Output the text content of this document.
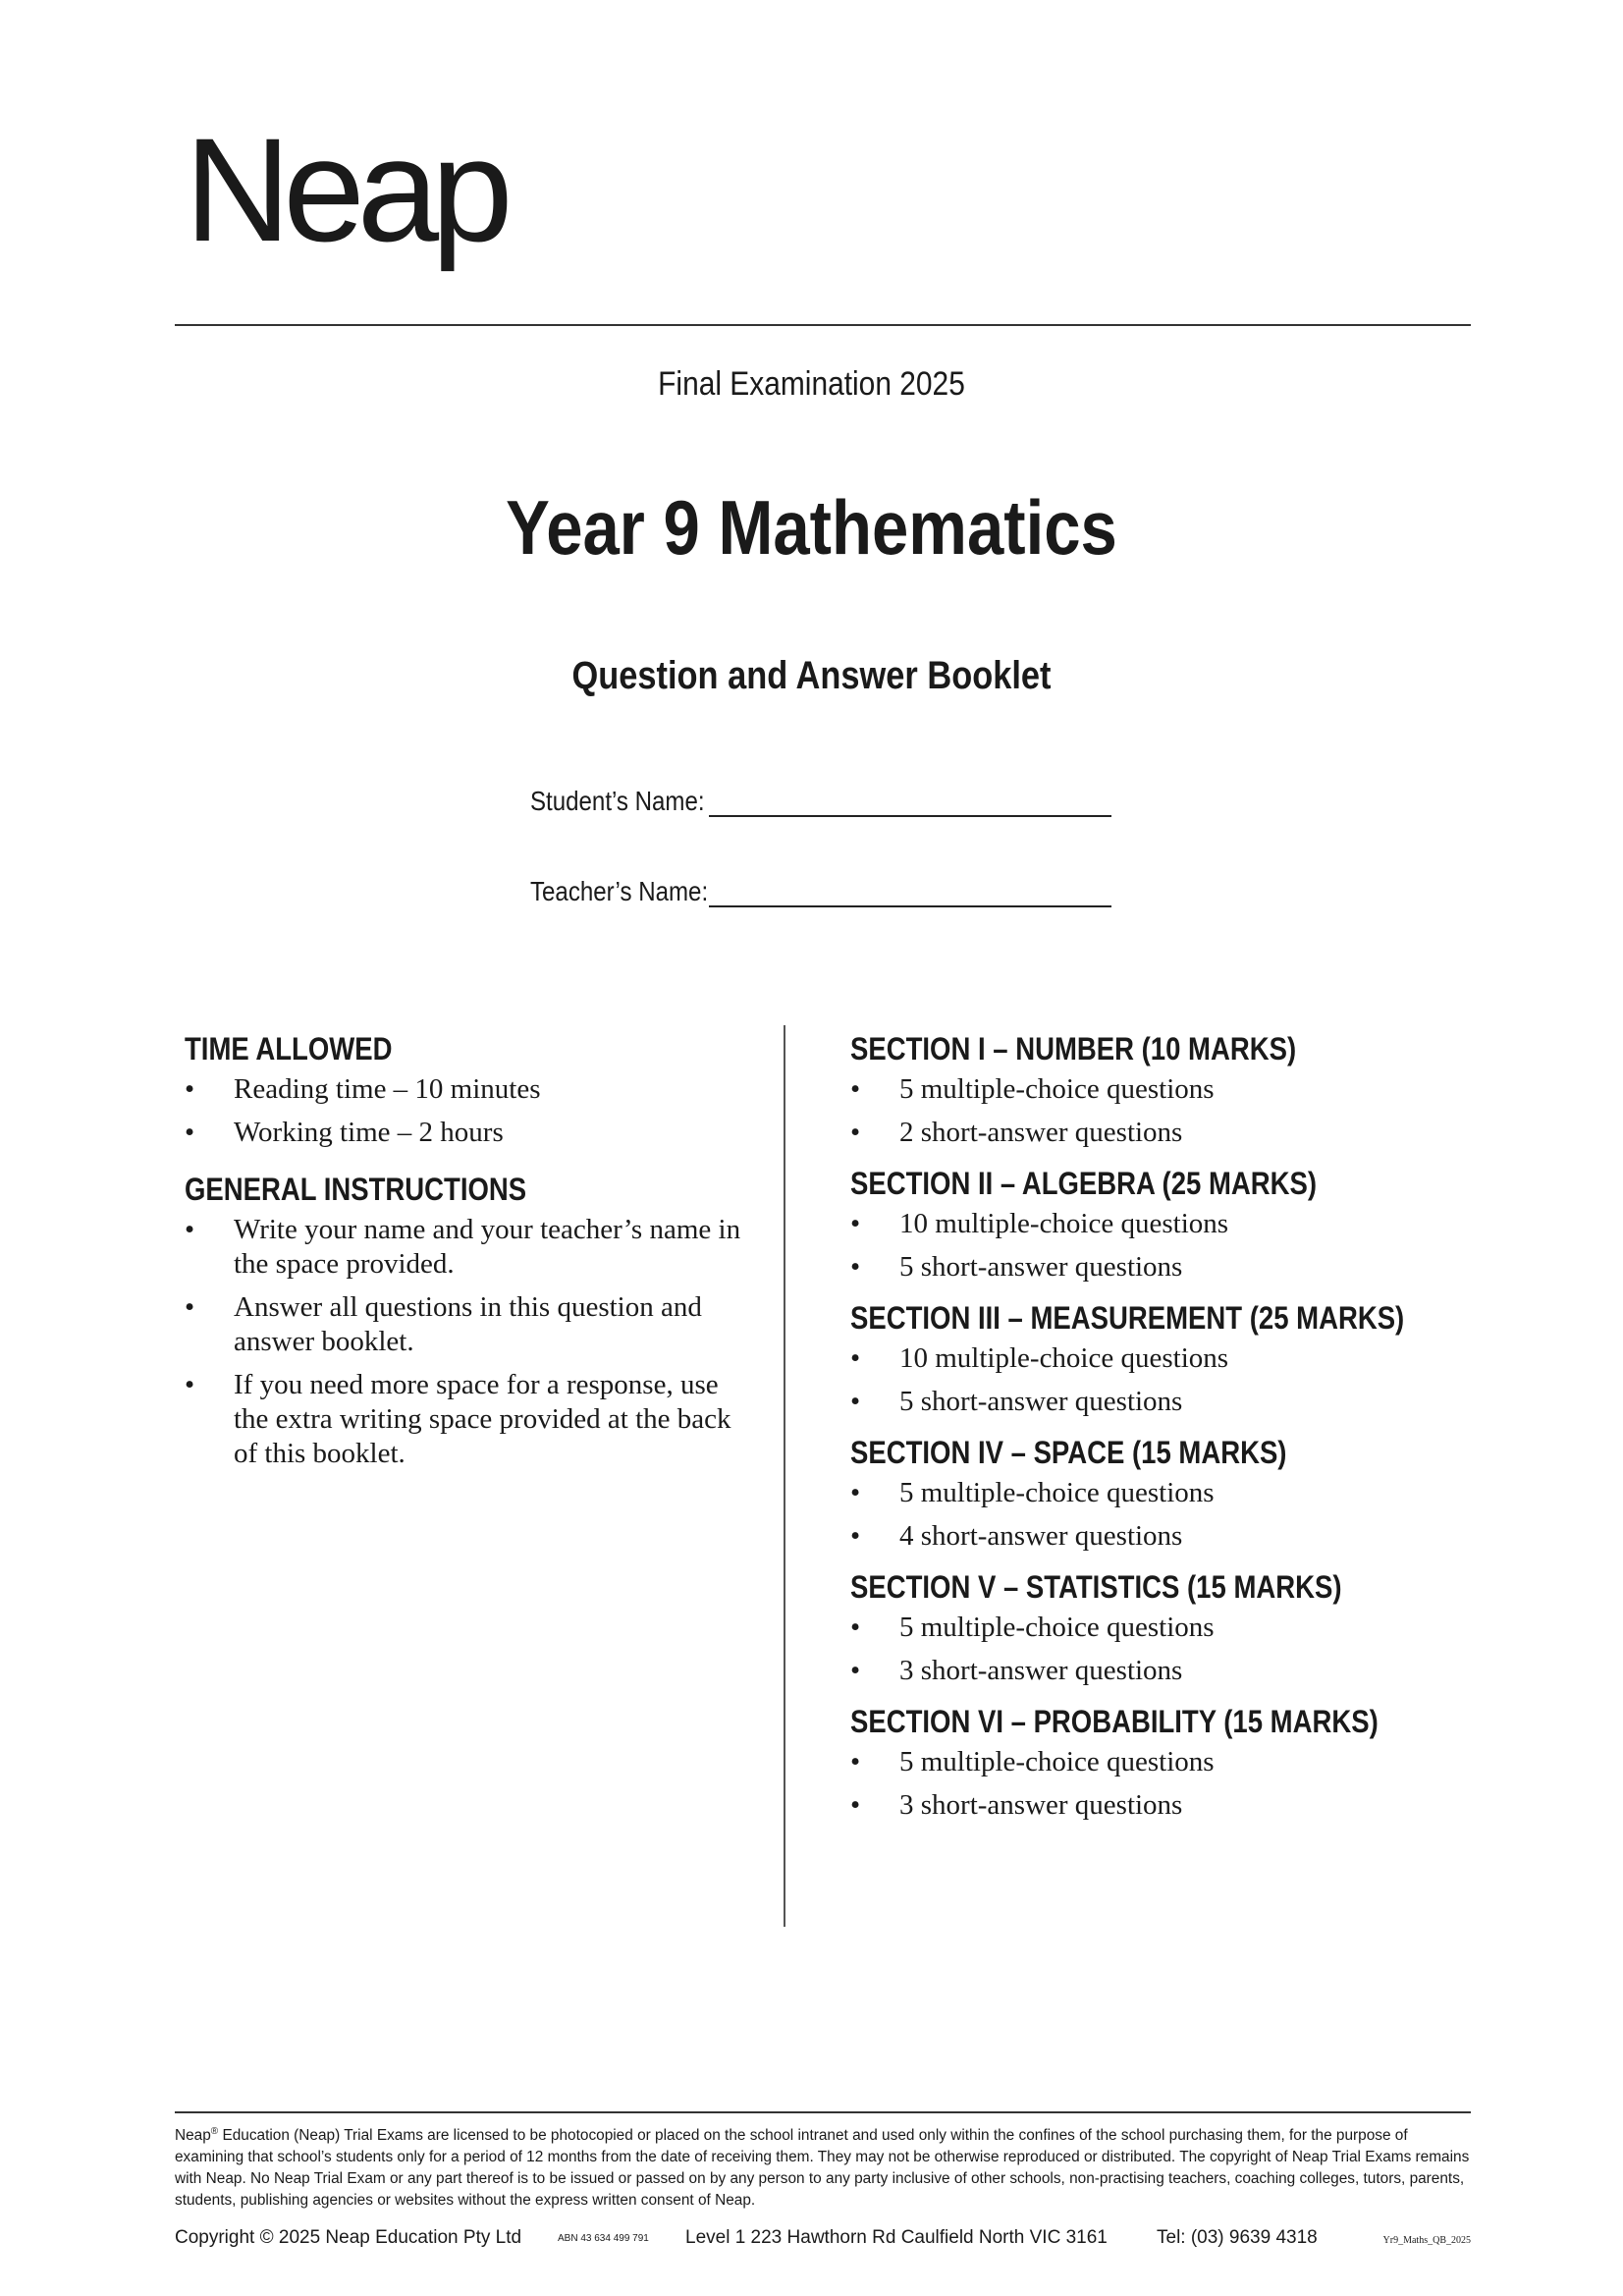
Neap
Final Examination 2025
Year 9 Mathematics
Question and Answer Booklet
Student’s Name:
Teacher’s Name:
TIME ALLOWED
• Reading time – 10 minutes
• Working time – 2 hours
GENERAL INSTRUCTIONS
• Write your name and your teacher’s name in the space provided.
• Answer all questions in this question and answer booklet.
• If you need more space for a response, use the extra writing space provided at the back of this booklet.
SECTION I – NUMBER (10 MARKS)
• 5 multiple-choice questions
• 2 short-answer questions
SECTION II – ALGEBRA (25 MARKS)
• 10 multiple-choice questions
• 5 short-answer questions
SECTION III – MEASUREMENT (25 MARKS)
• 10 multiple-choice questions
• 5 short-answer questions
SECTION IV – SPACE (15 MARKS)
• 5 multiple-choice questions
• 4 short-answer questions
SECTION V – STATISTICS (15 MARKS)
• 5 multiple-choice questions
• 3 short-answer questions
SECTION VI – PROBABILITY (15 MARKS)
• 5 multiple-choice questions
• 3 short-answer questions
Neap® Education (Neap) Trial Exams are licensed to be photocopied or placed on the school intranet and used only within the confines of the school purchasing them, for the purpose of examining that school’s students only for a period of 12 months from the date of receiving them. They may not be otherwise reproduced or distributed. The copyright of Neap Trial Exams remains with Neap. No Neap Trial Exam or any part thereof is to be issued or passed on by any person to any party inclusive of other schools, non-practising teachers, coaching colleges, tutors, parents, students, publishing agencies or websites without the express written consent of Neap.
Copyright © 2025 Neap Education Pty Ltd	ABN 43 634 499 791 Level 1 223 Hawthorn Rd Caulfield North VIC 3161	Tel: (03) 9639 4318	Yr9_Maths_QB_2025
